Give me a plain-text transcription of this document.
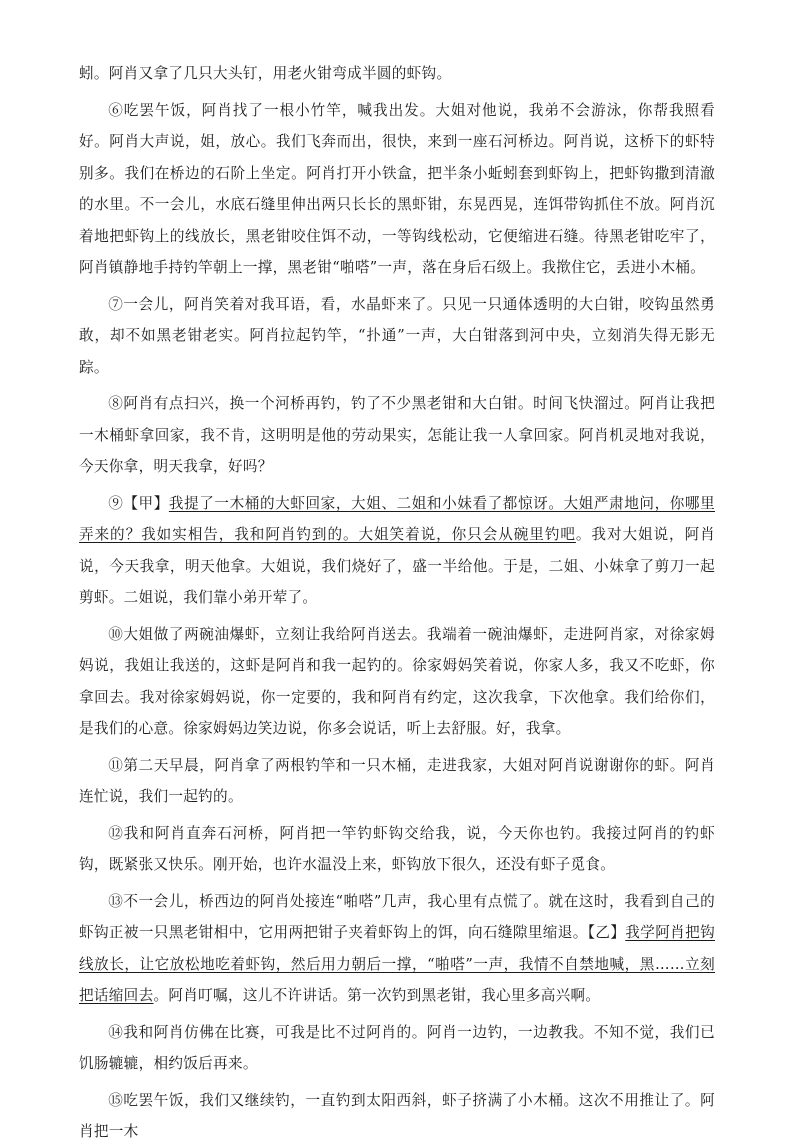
蚓。阿肖又拿了几只大头钉，用老火钳弯成半圆的虾钩。

⑥吃罢午饭，阿肖找了一根小竹竿，喊我出发。大姐对他说，我弟不会游泳，你帮我照看好。阿肖大声说，姐，放心。我们飞奔而出，很快，来到一座石河桥边。阿肖说，这桥下的虾特别多。我们在桥边的石阶上坐定。阿肖打开小铁盒，把半条小蚯蚓套到虾钩上，把虾钩撒到清澈的水里。不一会儿，水底石缝里伸出两只长长的黑虾钳，东晃西晃，连饵带钩抓住不放。阿肖沉着地把虾钩上的线放长，黑老钳咬住饵不动，一等钩线松动，它便缩进石缝。待黑老钳吃牢了，阿肖镇静地手持钓竿朝上一撑，黑老钳“啪嗒”一声，落在身后石级上。我揿住它，丢进小木桶。

⑦一会儿，阿肖笑着对我耳语，看，水晶虾来了。只见一只通体透明的大白钳，咬钩虽然勇敢，却不如黑老钳老实。阿肖拉起钓竿，“扑通”一声，大白钳落到河中央，立刻消失得无影无踪。

⑧阿肖有点扫兴，换一个河桥再钓，钓了不少黑老钳和大白钳。时间飞快溜过。阿肖让我把一木桶虾拿回家，我不肯，这明明是他的劳动果实，怎能让我一人拿回家。阿肖机灵地对我说，今天你拿，明天我拿，好吗？

⑨【甲】我提了一木桶的大虾回家，大姐、二姐和小妹看了都惊讶。大姐严肃地问，你哪里弄来的？我如实相告，我和阿肖钓到的。大姐笑着说，你只会从碗里钓吧。我对大姐说，阿肖说，今天我拿，明天他拿。大姐说，我们烧好了，盛一半给他。于是，二姐、小妹拿了剪刀一起剪虾。二姐说，我们靠小弟开荤了。

⑩大姐做了两碗油爆虾，立刻让我给阿肖送去。我端着一碗油爆虾，走进阿肖家，对徐家姆妈说，我姐让我送的，这虾是阿肖和我一起钓的。徐家姆妈笑着说，你家人多，我又不吃虾，你拿回去。我对徐家姆妈说，你一定要的，我和阿肖有约定，这次我拿，下次他拿。我们给你们，是我们的心意。徐家姆妈边笑边说，你多会说话，听上去舒服。好，我拿。

⑪第二天早晨，阿肖拿了两根钓竿和一只木桶，走进我家，大姐对阿肖说谢谢你的虾。阿肖连忙说，我们一起钓的。

⑫我和阿肖直奔石河桥，阿肖把一竿钓虾钩交给我，说，今天你也钓。我接过阿肖的钓虾钩，既紧张又快乐。刚开始，也许水温没上来，虾钩放下很久，还没有虾子觅食。

⑬不一会儿，桥西边的阿肖处接连“啪嗒”几声，我心里有点慌了。就在这时，我看到自己的虾钩正被一只黑老钳相中，它用两把钳子夹着虾钩上的饵，向石缝隙里缩退。【乙】我学阿肖把钩线放长，让它放松地吃着虾钩，然后用力朝后一撑，“啪嗒”一声，我情不自禁地喊，黑……立刻把话缩回去。阿肖叮嘱，这儿不许讲话。第一次钓到黑老钳，我心里多高兴啊。

⑭我和阿肖仿佛在比赛，可我是比不过阿肖的。阿肖一边钓，一边教我。不知不觉，我们已饥肠辘辘，相约饭后再来。

⑮吃罢午饭，我们又继续钓，一直钓到太阳西斜，虾子挤满了小木桶。这次不用推让了。阿肖把一木
